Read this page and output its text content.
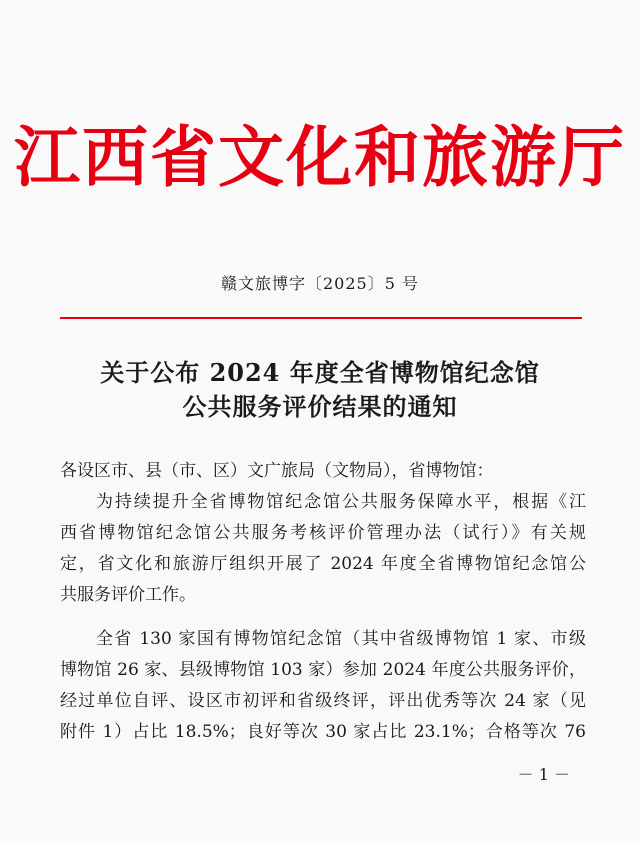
江西省文化和旅游厅
赣文旅博字〔2025〕5 号
关于公布 2024 年度全省博物馆纪念馆
公共服务评价结果的通知
各设区市、县（市、区）文广旅局（文物局），省博物馆：
为持续提升全省博物馆纪念馆公共服务保障水平，根据《江
西省博物馆纪念馆公共服务考核评价管理办法（试行）》有关规
定，省文化和旅游厅组织开展了 2024 年度全省博物馆纪念馆公
共服务评价工作。
全省 130 家国有博物馆纪念馆（其中省级博物馆 1 家、市级
博物馆 26 家、县级博物馆 103 家）参加 2024 年度公共服务评价，
经过单位自评、设区市初评和省级终评，评出优秀等次 24 家（见
附件 1）占比 18.5%；良好等次 30 家占比 23.1%；合格等次 76
－ 1 －
